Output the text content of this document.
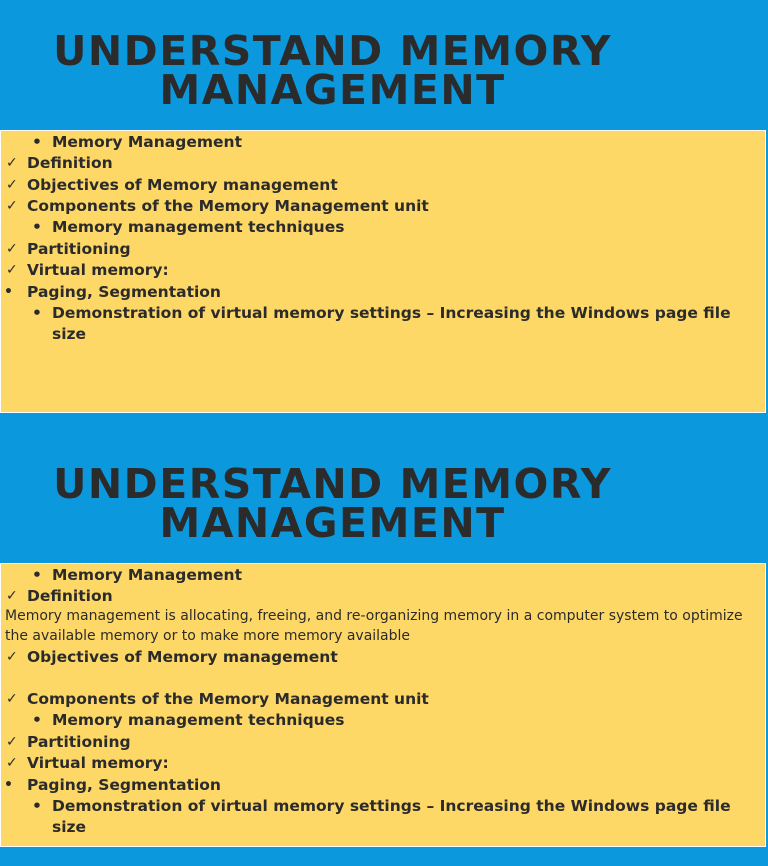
UNDERSTAND MEMORY
MANAGEMENT
• Memory Management
✓ Definition
✓ Objectives of Memory management
✓ Components of the Memory Management unit
• Memory management techniques
✓ Partitioning
✓ Virtual memory:
• Paging, Segmentation
• Demonstration of virtual memory settings – Increasing the Windows page file size
UNDERSTAND MEMORY
MANAGEMENT
• Memory Management
✓ Definition
Memory management is allocating, freeing, and re-organizing memory in a computer system to optimize the available memory or to make more memory available
✓ Objectives of Memory management
✓ Components of the Memory Management unit
• Memory management techniques
✓ Partitioning
✓ Virtual memory:
• Paging, Segmentation
• Demonstration of virtual memory settings – Increasing the Windows page file size
